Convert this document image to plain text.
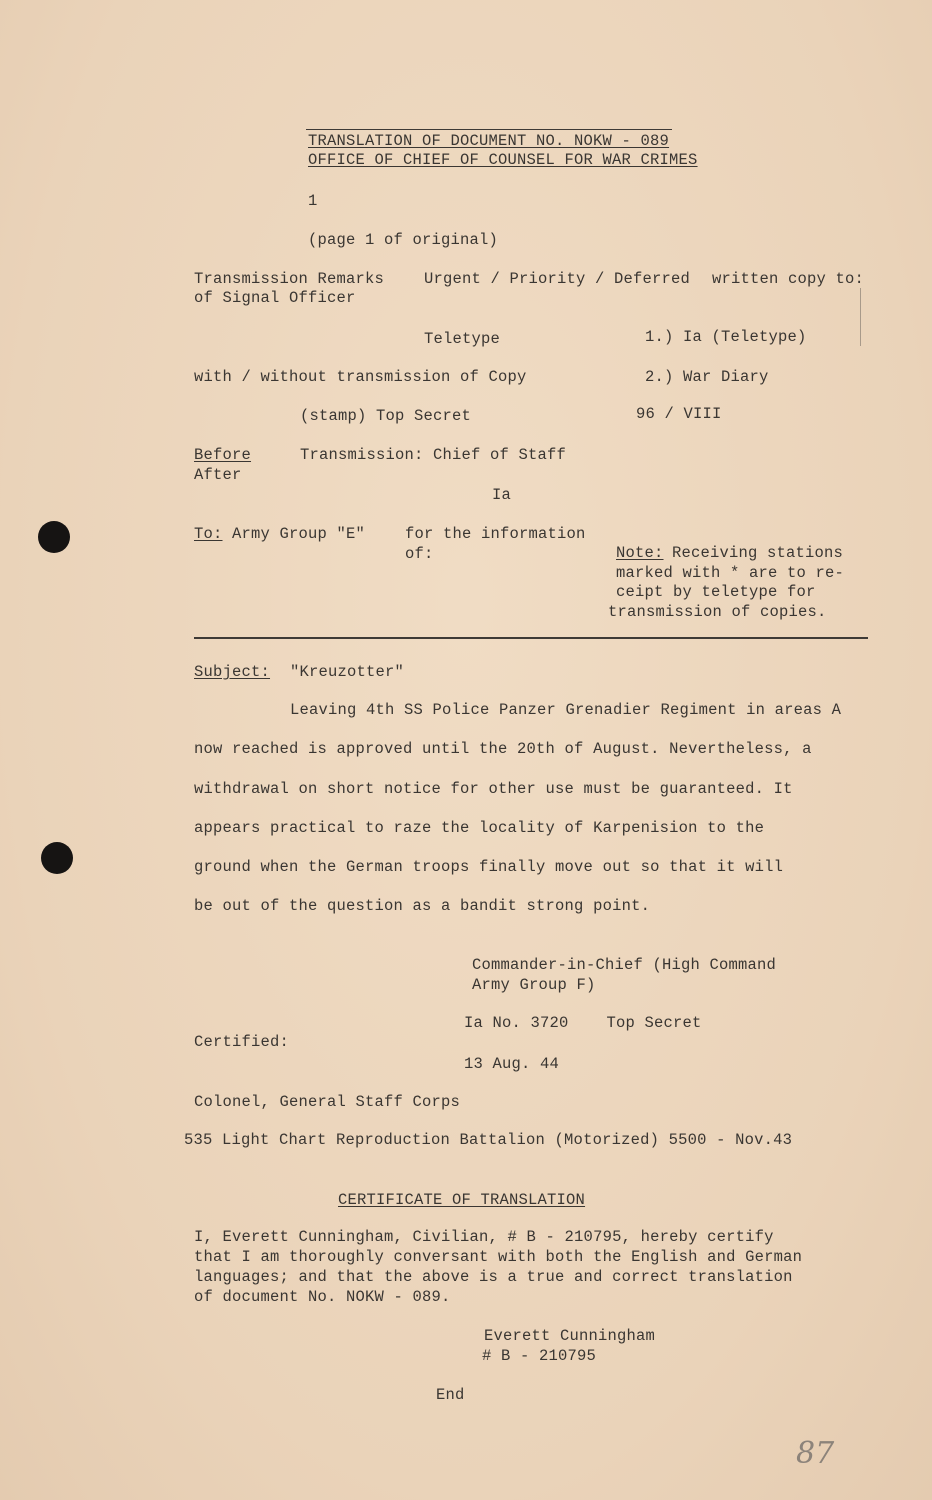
TRANSLATION OF DOCUMENT NO. NOKW - 089
OFFICE OF CHIEF OF COUNSEL FOR WAR CRIMES
1
(page 1 of original)
Transmission Remarks
of Signal Officer
Urgent / Priority / Deferred written copy to:
Teletype	1.) Ia (Teletype)
with / without transmission of Copy	2.) War Diary
(stamp) Top Secret	96 / VIII
Before
After
Transmission: Chief of Staff
Ia
To: Army Group "E"	for the information
of:	Note: Receiving stations
marked with * are to re-
ceipt by teletype for
transmission of copies.
Subject: "Kreuzotter"
Leaving 4th SS Police Panzer Grenadier Regiment in areas A
now reached is approved until the 20th of August. Nevertheless, a
withdrawal on short notice for other use must be guaranteed. It
appears practical to raze the locality of Karpenision to the
ground when the German troops finally move out so that it will
be out of the question as a bandit strong point.
Commander-in-Chief (High Command
Army Group F)
Ia No. 3720    Top Secret
Certified:
13 Aug. 44
Colonel, General Staff Corps
535 Light Chart Reproduction Battalion (Motorized) 5500 - Nov.43
CERTIFICATE OF TRANSLATION
I, Everett Cunningham, Civilian, # B - 210795, hereby certify
that I am thoroughly conversant with both the English and German
languages; and that the above is a true and correct translation
of document No. NOKW - 089.
Everett Cunningham
# B - 210795
End
87
